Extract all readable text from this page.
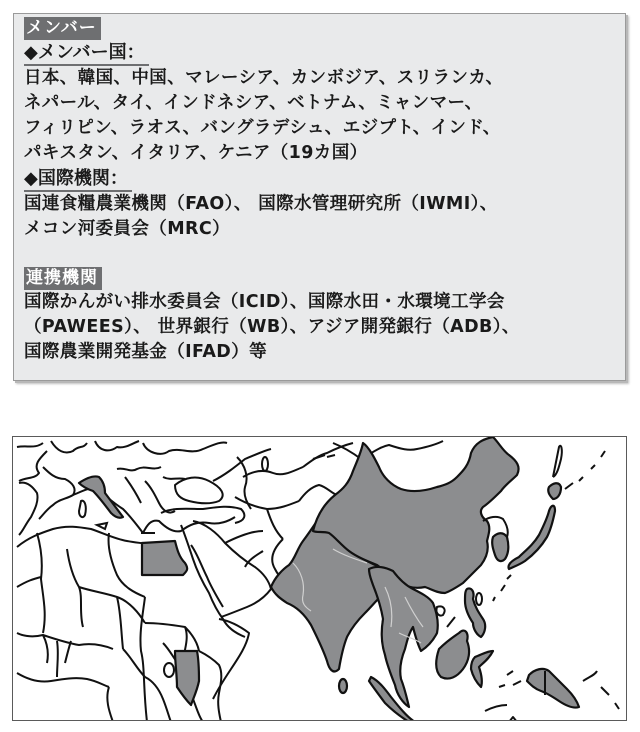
メンバー
◆メンバー国：
日本、韓国、中国、マレーシア、カンボジア、スリランカ、
ネパール、タイ、インドネシア、ベトナム、ミャンマー、
フィリピン、ラオス、バングラデシュ、エジプト、インド、
パキスタン、イタリア、ケニア（19カ国）
◆国際機関：
国連食糧農業機関（FAO）、 国際水管理研究所（IWMI）、
メコン河委員会（MRC）
連携機関
国際かんがい排水委員会（ICID）、国際水田・水環境工学会
（PAWEES）、 世界銀行（WB）、アジア開発銀行（ADB）、
国際農業開発基金（IFAD）等
